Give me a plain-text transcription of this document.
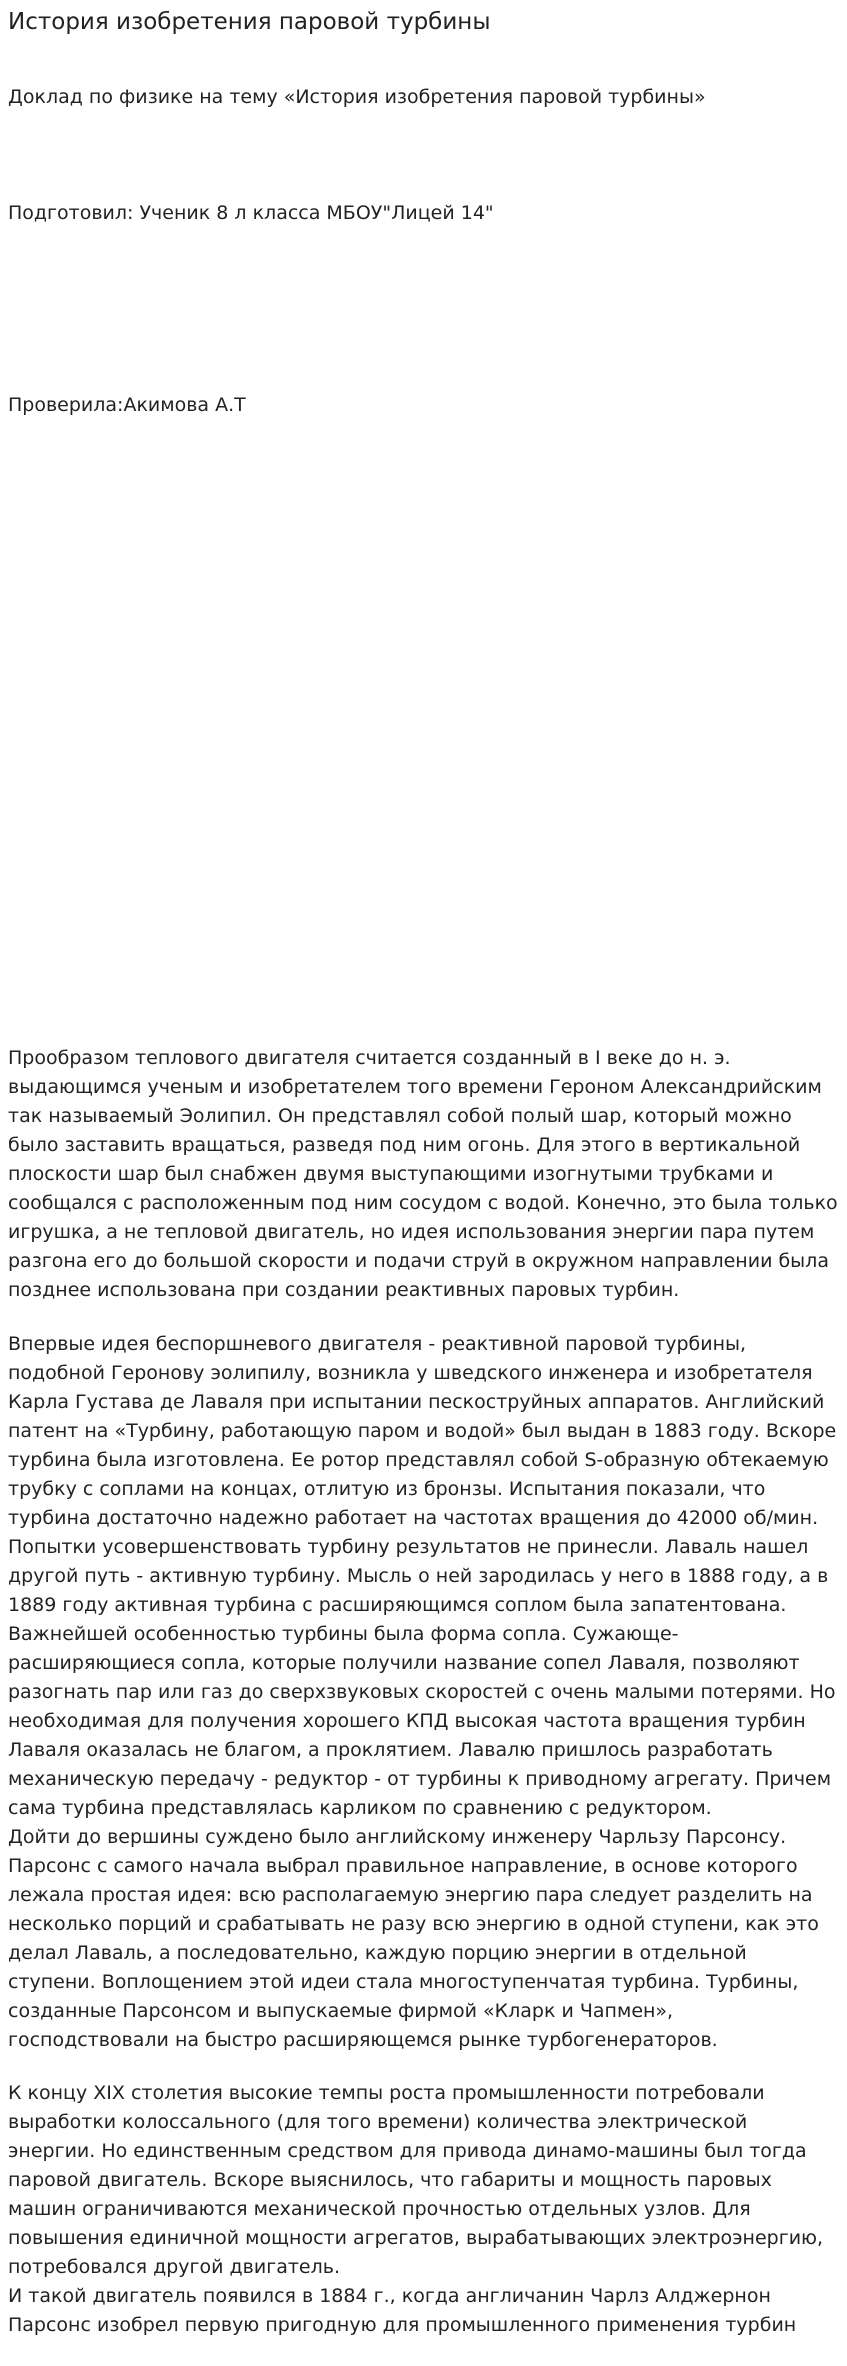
История изобретения паровой турбины

Доклад по физике на тему «История изобретения паровой турбины»

Подготовил: Ученик 8 л класса МБОУ"Лицей 14"

Проверила:Акимова А.Т

Прообразом теплового двигателя считается созданный в I веке до н. э. выдающимся ученым и изобретателем того времени Героном Александрийским так называемый Эолипил. Он представлял собой полый шар, который можно было заставить вращаться, разведя под ним огонь. Для этого в вертикальной плоскости шар был снабжен двумя выступающими изогнутыми трубками и сообщался с расположенным под ним сосудом с водой. Конечно, это была только игрушка, а не тепловой двигатель, но идея использования энергии пара путем разгона его до большой скорости и подачи струй в окружном направлении была позднее использована при создании реактивных паровых турбин.

Впервые идея беспоршневого двигателя - реактивной паровой турбины, подобной Геронову эолипилу, возникла у шведского инженера и изобретателя Карла Густава де Лаваля при испытании пескоструйных аппаратов. Английский патент на «Турбину, работающую паром и водой» был выдан в 1883 году. Вскоре турбина была изготовлена. Ее ротор представлял собой S-образную обтекаемую трубку с соплами на концах, отлитую из бронзы. Испытания показали, что турбина достаточно надежно работает на частотах вращения до 42000 об/мин. Попытки усовершенствовать турбину результатов не принесли. Лаваль нашел другой путь - активную турбину. Мысль о ней зародилась у него в 1888 году, а в 1889 году активная турбина с расширяющимся соплом была запатентована. Важнейшей особенностью турбины была форма сопла. Сужающе-расширяющиеся сопла, которые получили название сопел Лаваля, позволяют разогнать пар или газ до сверхзвуковых скоростей с очень малыми потерями. Но необходимая для получения хорошего КПД высокая частота вращения турбин Лаваля оказалась не благом, а проклятием. Лавалю пришлось разработать механическую передачу - редуктор - от турбины к приводному агрегату. Причем сама турбина представлялась карликом по сравнению с редуктором.
Дойти до вершины суждено было английскому инженеру Чарльзу Парсонсу. Парсонс с самого начала выбрал правильное направление, в основе которого лежала простая идея: всю располагаемую энергию пара следует разделить на несколько порций и срабатывать не разу всю энергию в одной ступени, как это делал Лаваль, а последовательно, каждую порцию энергии в отдельной ступени. Воплощением этой идеи стала многоступенчатая турбина. Турбины, созданные Парсонсом и выпускаемые фирмой «Кларк и Чапмен», господствовали на быстро расширяющемся рынке турбогенераторов.

К концу XIX столетия высокие темпы роста промышленности потребовали выработки колоссального (для того времени) количества электрической энергии. Но единственным средством для привода динамо-машины был тогда паровой двигатель. Вскоре выяснилось, что габариты и мощность паровых машин ограничиваются механической прочностью отдельных узлов. Для повышения единичной мощности агрегатов, вырабатывающих электроэнергию, потребовался другой двигатель.

И такой двигатель появился в 1884 г., когда англичанин Чарлз Алджернон Парсонс изобрел первую пригодную для промышленного применения турбин
